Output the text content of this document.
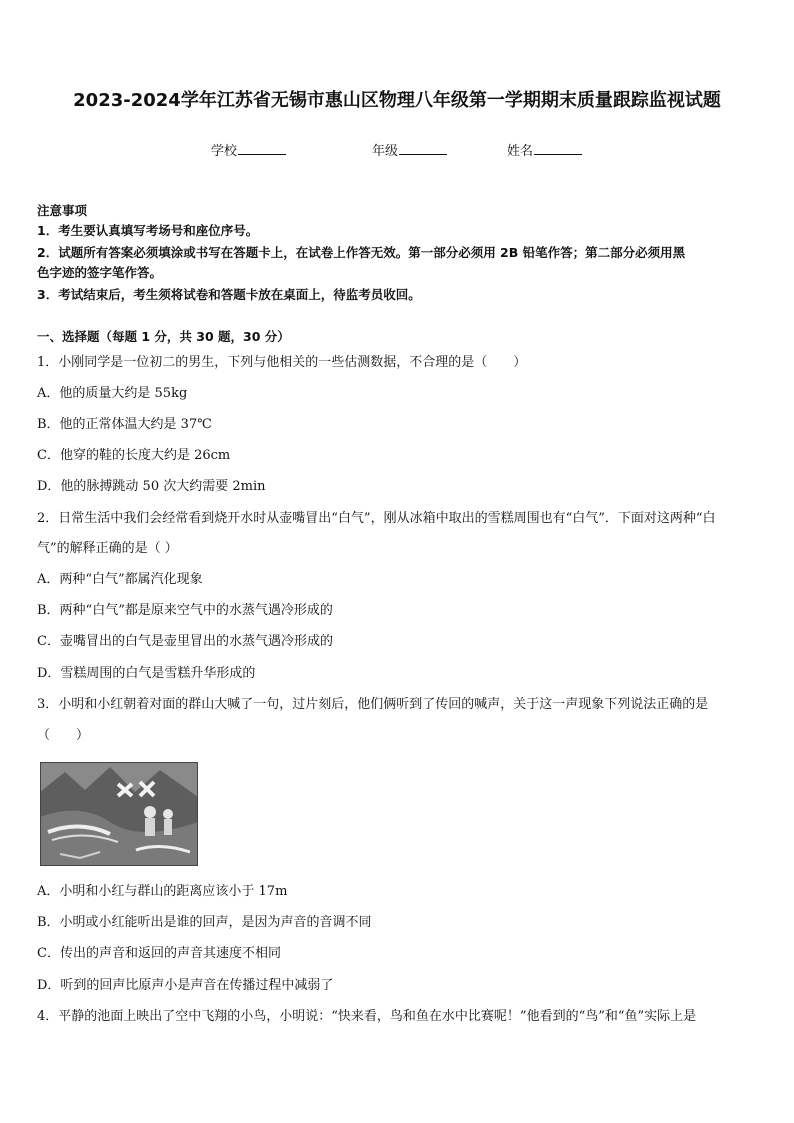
2023-2024学年江苏省无锡市惠山区物理八年级第一学期期末质量跟踪监视试题
学校	年级	姓名
注意事项
1．考生要认真填写考场号和座位序号。
2．试题所有答案必须填涂或书写在答题卡上，在试卷上作答无效。第一部分必须用 2B 铅笔作答；第二部分必须用黑
色字迹的签字笔作答。
3．考试结束后，考生须将试卷和答题卡放在桌面上，待监考员收回。
一、选择题（每题 1 分，共 30 题，30 分）
1．小刚同学是一位初二的男生，下列与他相关的一些估测数据，不合理的是（　　）
A．他的质量大约是 55kg
B．他的正常体温大约是 37℃
C．他穿的鞋的长度大约是 26cm
D．他的脉搏跳动 50 次大约需要 2min
2．日常生活中我们会经常看到烧开水时从壶嘴冒出“白气”，刚从冰箱中取出的雪糕周围也有“白气”．下面对这两种“白
气”的解释正确的是（ ）
A．两种“白气”都属汽化现象
B．两种“白气”都是原来空气中的水蒸气遇冷形成的
C．壶嘴冒出的白气是壶里冒出的水蒸气遇冷形成的
D．雪糕周围的白气是雪糕升华形成的
3．小明和小红朝着对面的群山大喊了一句，过片刻后，他们俩听到了传回的喊声，关于这一声现象下列说法正确的是
（　　）
A．小明和小红与群山的距离应该小于 17m
B．小明或小红能听出是谁的回声，是因为声音的音调不同
C．传出的声音和返回的声音其速度不相同
D．听到的回声比原声小是声音在传播过程中减弱了
4．平静的池面上映出了空中飞翔的小鸟，小明说：“快来看，鸟和鱼在水中比赛呢！”他看到的“鸟”和“鱼”实际上是
